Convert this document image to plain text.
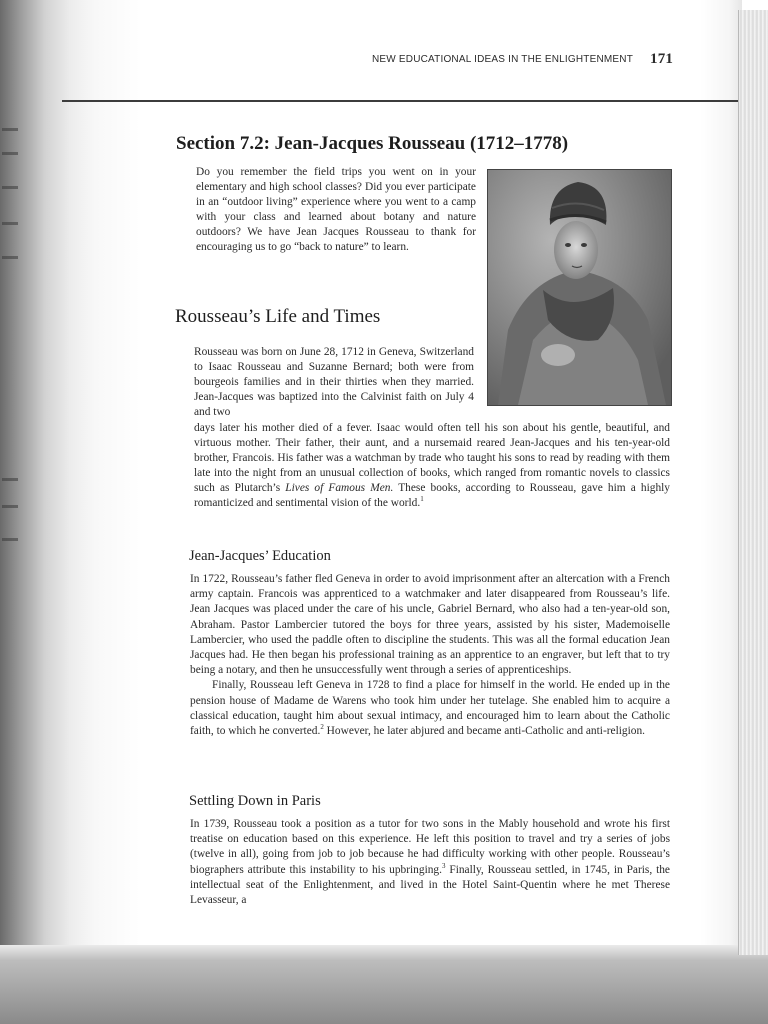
NEW EDUCATIONAL IDEAS IN THE ENLIGHTENMENT 171
Section 7.2: Jean-Jacques Rousseau (1712–1778)
Do you remember the field trips you went on in your elementary and high school classes? Did you ever participate in an “outdoor living” experience where you went to a camp with your class and learned about botany and nature outdoors? We have Jean Jacques Rousseau to thank for encouraging us to go “back to nature” to learn.
Rousseau’s Life and Times
Rousseau was born on June 28, 1712 in Geneva, Switzerland to Isaac Rousseau and Suzanne Bernard; both were from bourgeois families and in their thirties when they married. Jean-Jacques was baptized into the Calvinist faith on July 4 and two
days later his mother died of a fever. Isaac would often tell his son about his gentle, beautiful, and virtuous mother. Their father, their aunt, and a nursemaid reared Jean-Jacques and his ten-year-old brother, Francois. His father was a watchman by trade who taught his sons to read by reading with them late into the night from an unusual collection of books, which ranged from romantic novels to classics such as Plutarch’s Lives of Famous Men. These books, according to Rousseau, gave him a highly romanticized and sentimental vision of the world.$^1$
Jean-Jacques’ Education

In 1722, Rousseau’s father fled Geneva in order to avoid imprisonment after an altercation with a French army captain. Francois was apprenticed to a watchmaker and later disappeared from Rousseau’s life. Jean Jacques was placed under the care of his uncle, Gabriel Bernard, who also had a ten-year-old son, Abraham. Pastor Lambercier tutored the boys for three years, assisted by his sister, Mademoiselle Lambercier, who used the paddle often to discipline the students. This was all the formal education Jean Jacques had. He then began his professional training as an apprentice to an engraver, but left that to try being a notary, and then he unsuccessfully went through a series of apprenticeships.

Finally, Rousseau left Geneva in 1728 to find a place for himself in the world. He ended up in the pension house of Madame de Warens who took him under her tutelage. She enabled him to acquire a classical education, taught him about sexual intimacy, and encouraged him to learn about the Catholic faith, to which he converted.$^2$ However, he later abjured and became anti-Catholic and anti-religion.

Settling Down in Paris

In 1739, Rousseau took a position as a tutor for two sons in the Mably household and wrote his first treatise on education based on this experience. He left this position to travel and try a series of jobs (twelve in all), going from job to job because he had difficulty working with other people. Rousseau’s biographers attribute this instability to his upbringing.$^3$ Finally, Rousseau settled, in 1745, in Paris, the intellectual seat of the Enlightenment, and lived in the Hotel Saint-Quentin where he met Therese Levasseur, a
